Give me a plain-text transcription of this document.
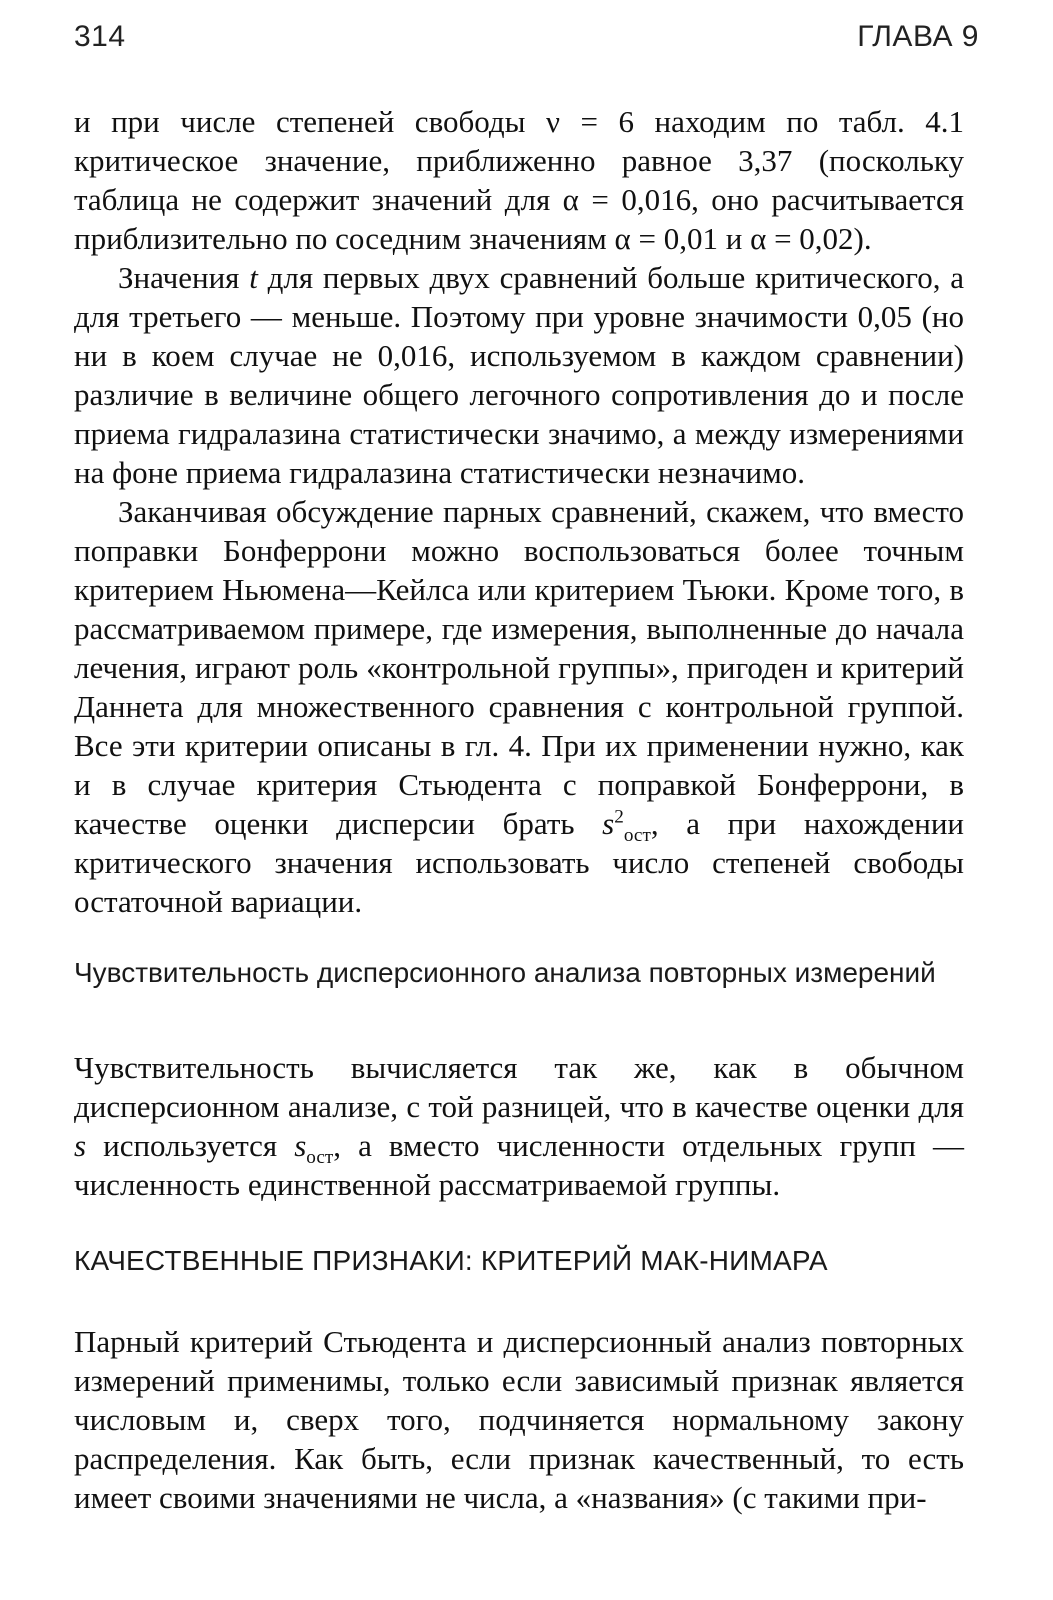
314	ГЛАВА 9

и при числе степеней свободы ν = 6 находим по табл. 4.1 критическое значение, приближенно равное 3,37 (поскольку таблица не содержит значений для α = 0,016, оно расчитывается приблизительно по соседним значениям α = 0,01 и α = 0,02).

Значения t для первых двух сравнений больше критического, а для третьего — меньше. Поэтому при уровне значимости 0,05 (но ни в коем случае не 0,016, используемом в каждом сравнении) различие в величине общего легочного сопротивления до и после приема гидралазина статистически значимо, а между измерениями на фоне приема гидралазина статистически незначимо.

Заканчивая обсуждение парных сравнений, скажем, что вместо поправки Бонферрони можно воспользоваться более точным критерием Ньюмена—Кейлса или критерием Тьюки. Кроме того, в рассматриваемом примере, где измерения, выполненные до начала лечения, играют роль «контрольной группы», пригоден и критерий Даннета для множественного сравнения с контрольной группой. Все эти критерии описаны в гл. 4. При их применении нужно, как и в случае критерия Стьюдента с поправкой Бонферрони, в качестве оценки дисперсии брать $s^2_{ост}$, а при нахождении критического значения использовать число степеней свободы остаточной вариации.

Чувствительность дисперсионного анализа повторных измерений

Чувствительность вычисляется так же, как в обычном дисперсионном анализе, с той разницей, что в качестве оценки для s используется $s_{ост}$, а вместо численности отдельных групп — численность единственной рассматриваемой группы.

КАЧЕСТВЕННЫЕ ПРИЗНАКИ: КРИТЕРИЙ МАК-НИМАРА

Парный критерий Стьюдента и дисперсионный анализ повторных измерений применимы, только если зависимый признак является числовым и, сверх того, подчиняется нормальному закону распределения. Как быть, если признак качественный, то есть имеет своими значениями не числа, а «названия» (с такими при-
